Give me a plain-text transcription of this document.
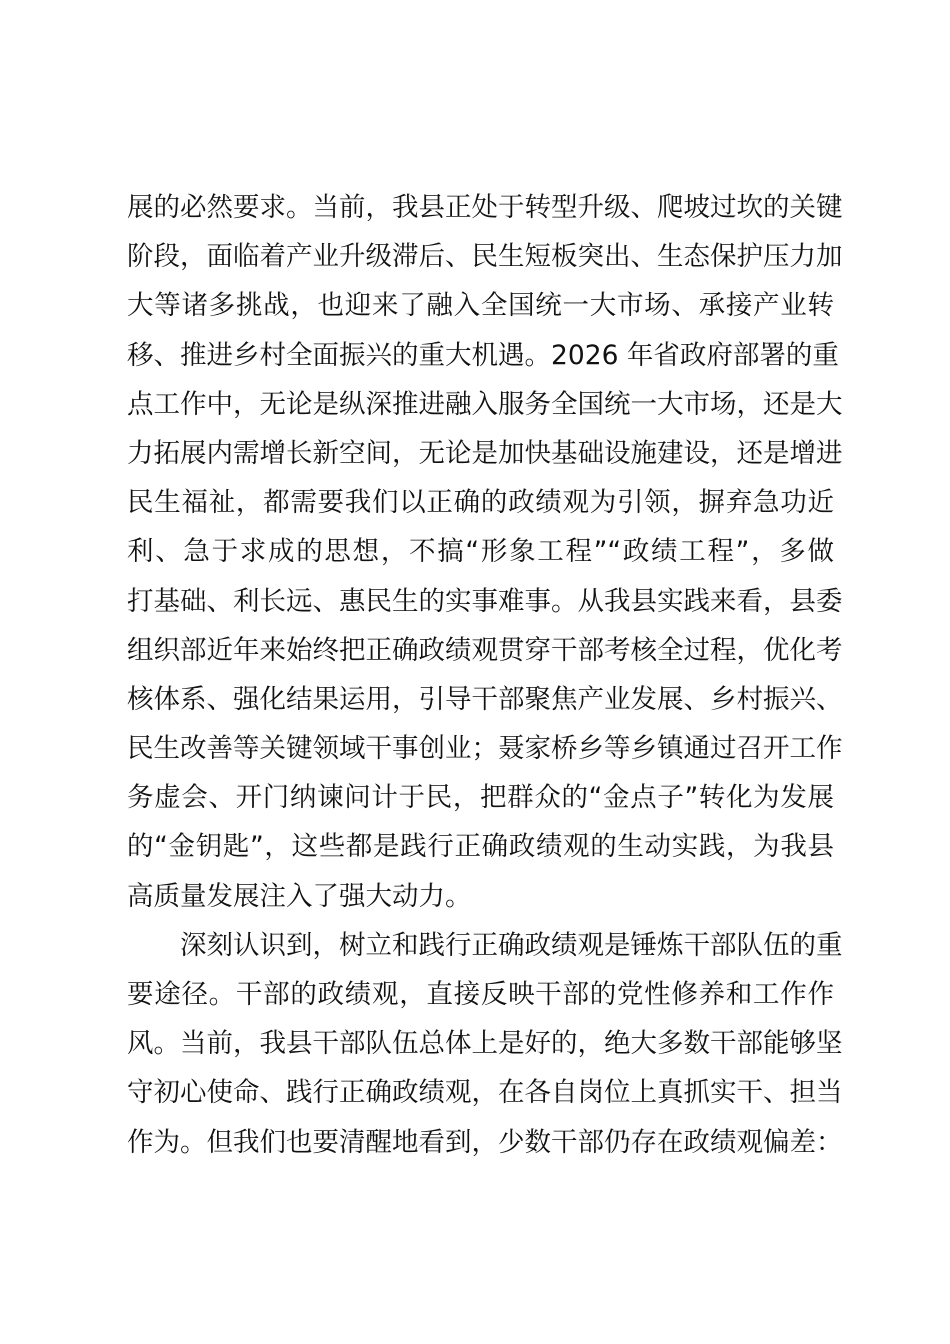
展的必然要求。当前，我县正处于转型升级、爬坡过坎的关键
阶段，面临着产业升级滞后、民生短板突出、生态保护压力加
大等诸多挑战，也迎来了融入全国统一大市场、承接产业转
移、推进乡村全面振兴的重大机遇。2026 年省政府部署的重
点工作中，无论是纵深推进融入服务全国统一大市场，还是大
力拓展内需增长新空间，无论是加快基础设施建设，还是增进
民生福祉，都需要我们以正确的政绩观为引领，摒弃急功近
利、急于求成的思想，不搞“形象工程”“政绩工程”，多做
打基础、利长远、惠民生的实事难事。从我县实践来看，县委
组织部近年来始终把正确政绩观贯穿干部考核全过程，优化考
核体系、强化结果运用，引导干部聚焦产业发展、乡村振兴、
民生改善等关键领域干事创业；聂家桥乡等乡镇通过召开工作
务虚会、开门纳谏问计于民，把群众的“金点子”转化为发展
的“金钥匙”，这些都是践行正确政绩观的生动实践，为我县
高质量发展注入了强大动力。
深刻认识到，树立和践行正确政绩观是锤炼干部队伍的重
要途径。干部的政绩观，直接反映干部的党性修养和工作作
风。当前，我县干部队伍总体上是好的，绝大多数干部能够坚
守初心使命、践行正确政绩观，在各自岗位上真抓实干、担当
作为。但我们也要清醒地看到，少数干部仍存在政绩观偏差：
